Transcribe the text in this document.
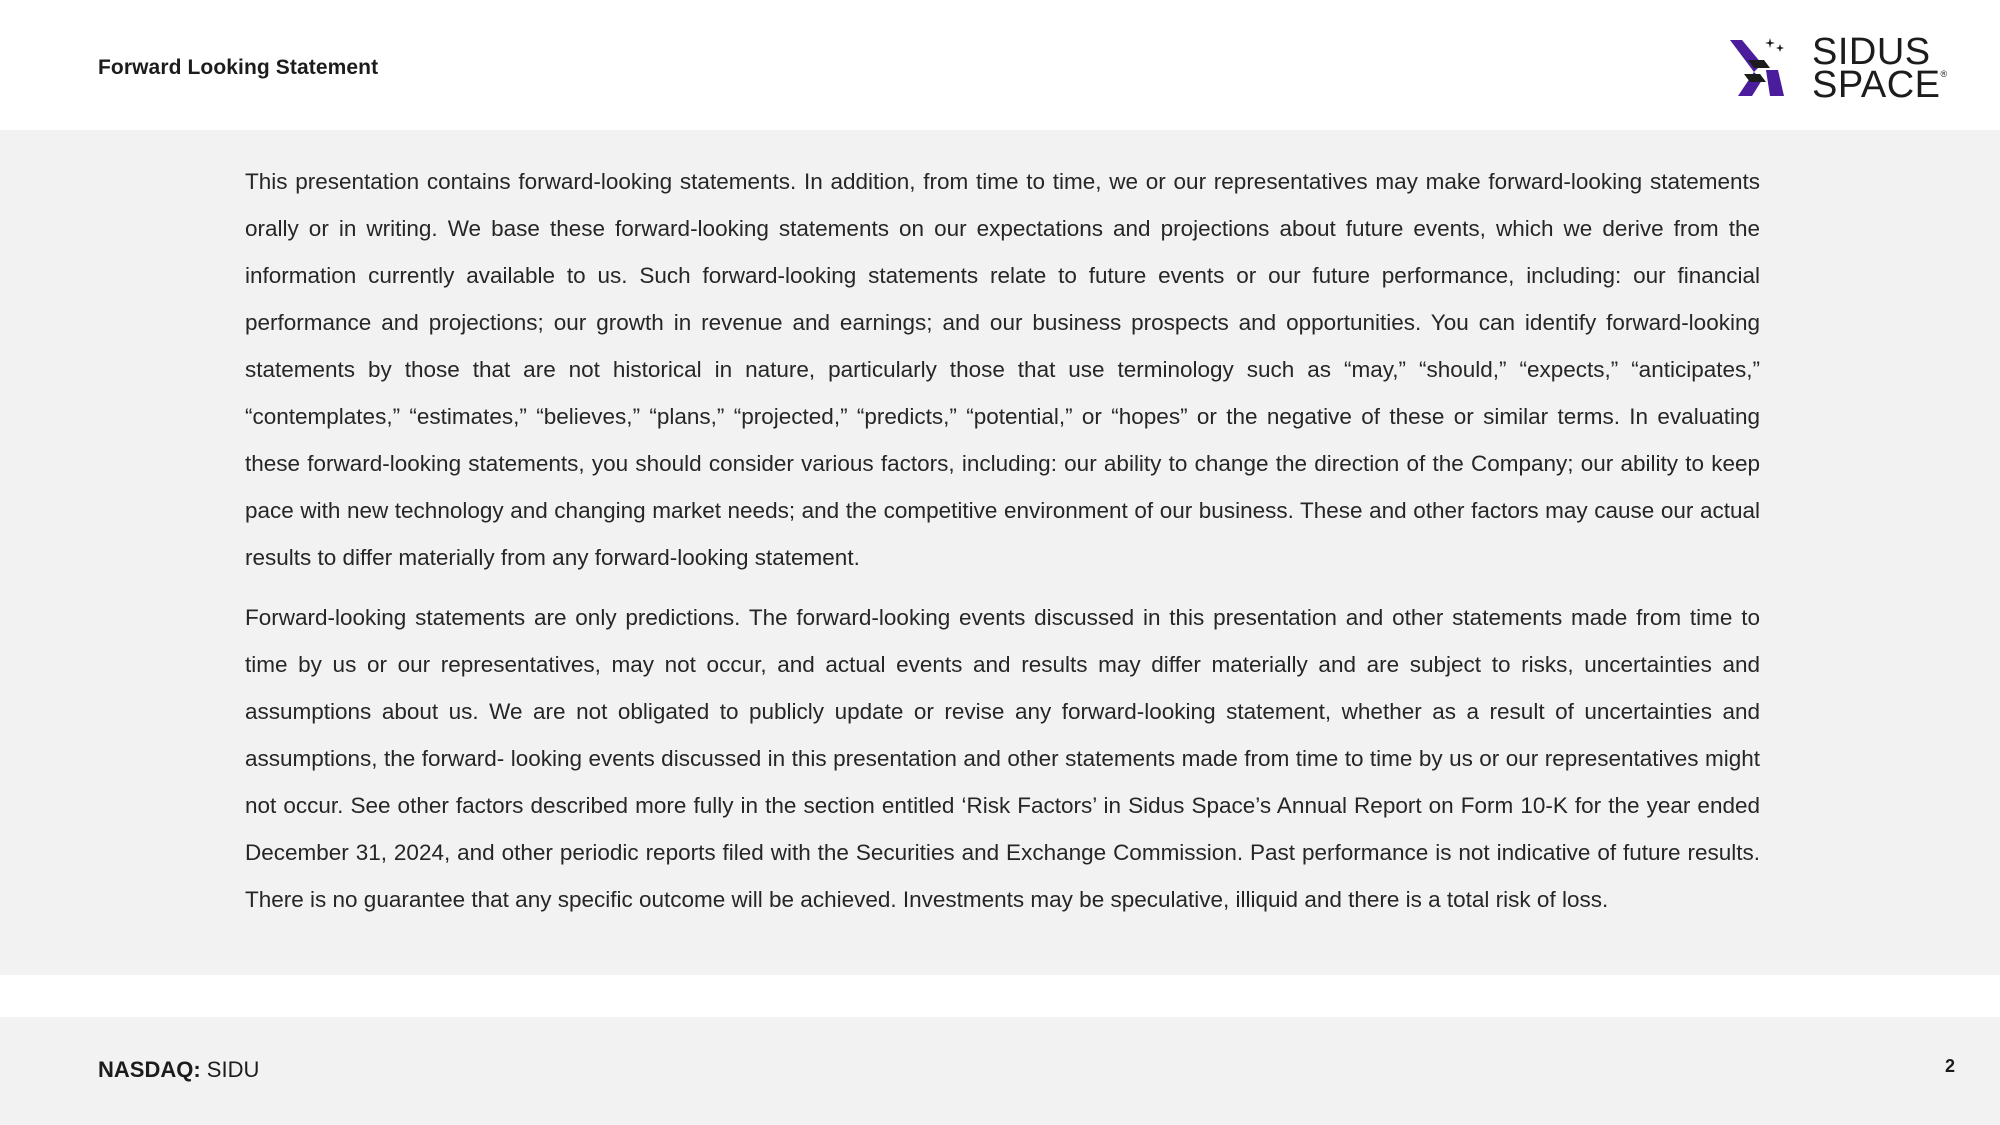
Forward Looking Statement	SIDUS
SPACE®

This presentation contains forward-looking statements. In addition, from time to time, we or our representatives may make forward-looking statements orally or in writing. We base these forward-looking statements on our expectations and projections about future events, which we derive from the information currently available to us. Such forward-looking statements relate to future events or our future performance, including: our financial performance and projections; our growth in revenue and earnings; and our business prospects and opportunities. You can identify forward-looking statements by those that are not historical in nature, particularly those that use terminology such as “may,” “should,” “expects,” “anticipates,” “contemplates,” “estimates,” “believes,” “plans,” “projected,” “predicts,” “potential,” or “hopes” or the negative of these or similar terms. In evaluating these forward-looking statements, you should consider various factors, including: our ability to change the direction of the Company; our ability to keep pace with new technology and changing market needs; and the competitive environment of our business. These and other factors may cause our actual results to differ materially from any forward-looking statement.

Forward-looking statements are only predictions. The forward-looking events discussed in this presentation and other statements made from time to time by us or our representatives, may not occur, and actual events and results may differ materially and are subject to risks, uncertainties and assumptions about us. We are not obligated to publicly update or revise any forward-looking statement, whether as a result of uncertainties and assumptions, the forward- looking events discussed in this presentation and other statements made from time to time by us or our representatives might not occur. See other factors described more fully in the section entitled ‘Risk Factors’ in Sidus Space’s Annual Report on Form 10-K for the year ended December 31, 2024, and other periodic reports filed with the Securities and Exchange Commission. Past performance is not indicative of future results. There is no guarantee that any specific outcome will be achieved. Investments may be speculative, illiquid and there is a total risk of loss.

NASDAQ: SIDU	2
